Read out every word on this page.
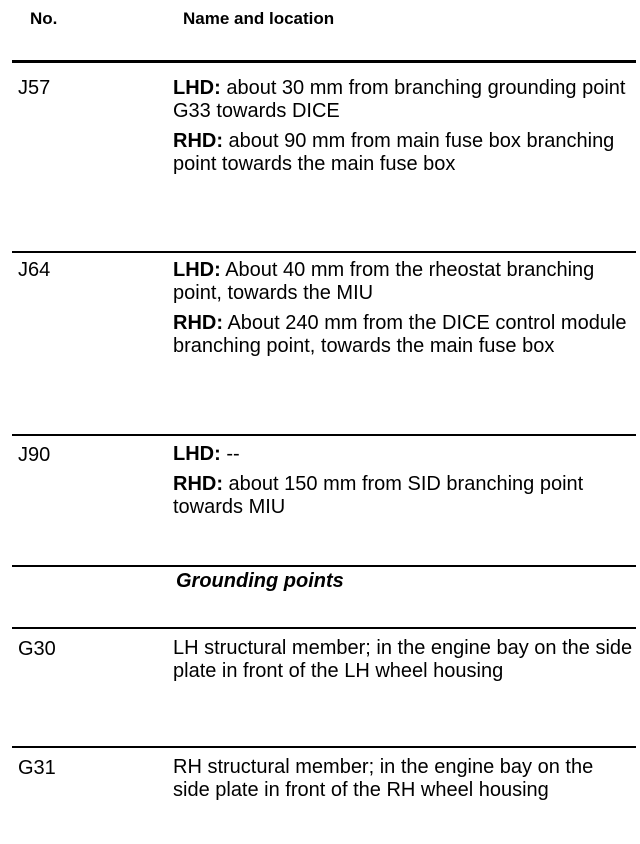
No.	Name and location
J57	LHD: about 30 mm from branching grounding point G33 towards DICE

RHD: about 90 mm from main fuse box branching point towards the main fuse box

J64	LHD: About 40 mm from the rheostat branching point, towards the MIU

RHD: About 240 mm from the DICE control module branching point, towards the main fuse box

J90	LHD: --

RHD: about 150 mm from SID branching point towards MIU

Grounding points
G30	LH structural member; in the engine bay on the side plate in front of the LH wheel housing
G31	RH structural member; in the engine bay on the side plate in front of the RH wheel housing
